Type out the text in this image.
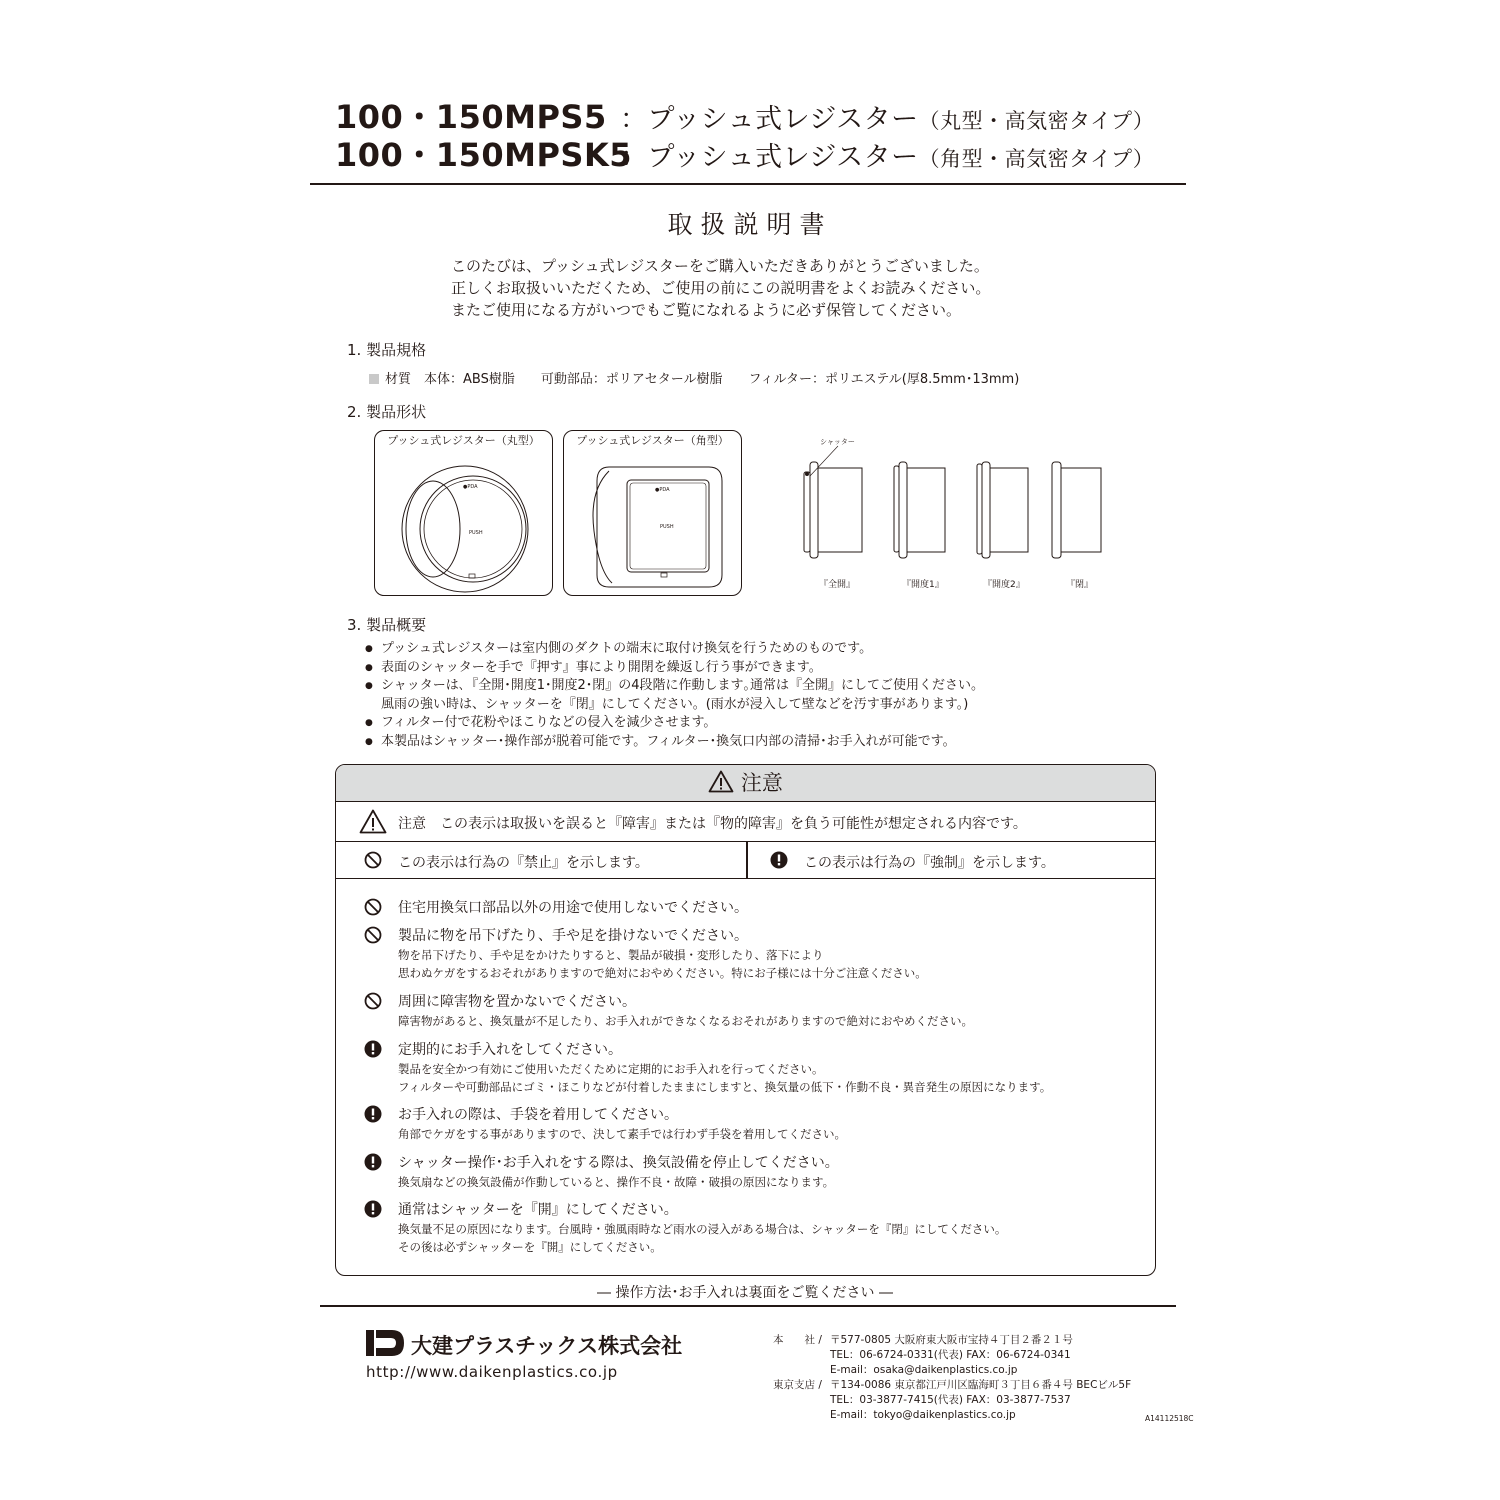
100・150MPS5 ：プッシュ式レジスター（丸型・高気密タイプ）
100・150MPSK5：プッシュ式レジスター（角型・高気密タイプ）
取扱説明書
このたびは、プッシュ式レジスターをご購入いただきありがとうございました。
正しくお取扱いいただくため、ご使用の前にこの説明書をよくお読みください。
またご使用になる方がいつでもご覧になれるように必ず保管してください。
1. 製品規格
材質　 本体：ABS樹脂 可動部品：ポリアセタール樹脂 フィルター：ポリエステル(厚8.5mm･13mm)
2. 製品形状
プッシュ式レジスター（丸型）
●PDA
PUSH
プッシュ式レジスター（角型）
●PDA
PUSH
シャッター
『全開』	『開度1』	『開度2』	『閉』
3. 製品概要
● プッシュ式レジスターは室内側のダクトの端末に取付け換気を行うためのものです。
● 表面のシャッターを手で『押す』事により開閉を繰返し行う事ができます。
● シャッターは､『全開･開度1･開度2･閉』の4段階に作動します｡通常は『全開』にしてご使用ください。
風雨の強い時は、シャッターを『閉』にしてください。(雨水が浸入して壁などを汚す事があります。)
● フィルター付で花粉やほこりなどの侵入を減少させます。
● 本製品はシャッター･操作部が脱着可能です。フィルター･換気口内部の清掃･お手入れが可能です。
注意
注意　この表示は取扱いを誤ると『障害』または『物的障害』を負う可能性が想定される内容です。
この表示は行為の『禁止』を示します。	この表示は行為の『強制』を示します。
住宅用換気口部品以外の用途で使用しないでください。
製品に物を吊下げたり、手や足を掛けないでください。
物を吊下げたり、手や足をかけたりすると、製品が破損・変形したり、落下により
思わぬケガをするおそれがありますので絶対におやめください。特にお子様には十分ご注意ください。
周囲に障害物を置かないでください。
障害物があると、換気量が不足したり、お手入れができなくなるおそれがありますので絶対におやめください。
定期的にお手入れをしてください。
製品を安全かつ有効にご使用いただくために定期的にお手入れを行ってください。
フィルターや可動部品にゴミ・ほこりなどが付着したままにしますと、換気量の低下・作動不良・異音発生の原因になります。
お手入れの際は、手袋を着用してください。
角部でケガをする事がありますので、決して素手では行わず手袋を着用してください。
シャッター操作･お手入れをする際は、換気設備を停止してください。
換気扇などの換気設備が作動していると、操作不良・故障・破損の原因になります。
通常はシャッターを『開』にしてください。
換気量不足の原因になります。台風時・強風雨時など雨水の浸入がある場合は、シャッターを『閉』にしてください。
その後は必ずシャッターを『開』にしてください。
― 操作方法･お手入れは裏面をご覧ください ―
大建プラスチックス株式会社
http://www.daikenplastics.co.jp
本　　社 / 〒577-0805 大阪府東大阪市宝持４丁目２番２１号
TEL：06-6724-0331(代表) FAX：06-6724-0341
E-mail：osaka@daikenplastics.co.jp
東京支店 / 〒134-0086 東京都江戸川区臨海町３丁目６番４号 BECビル5F
TEL：03-3877-7415(代表) FAX：03-3877-7537
E-mail：tokyo@daikenplastics.co.jp	A14112518C
